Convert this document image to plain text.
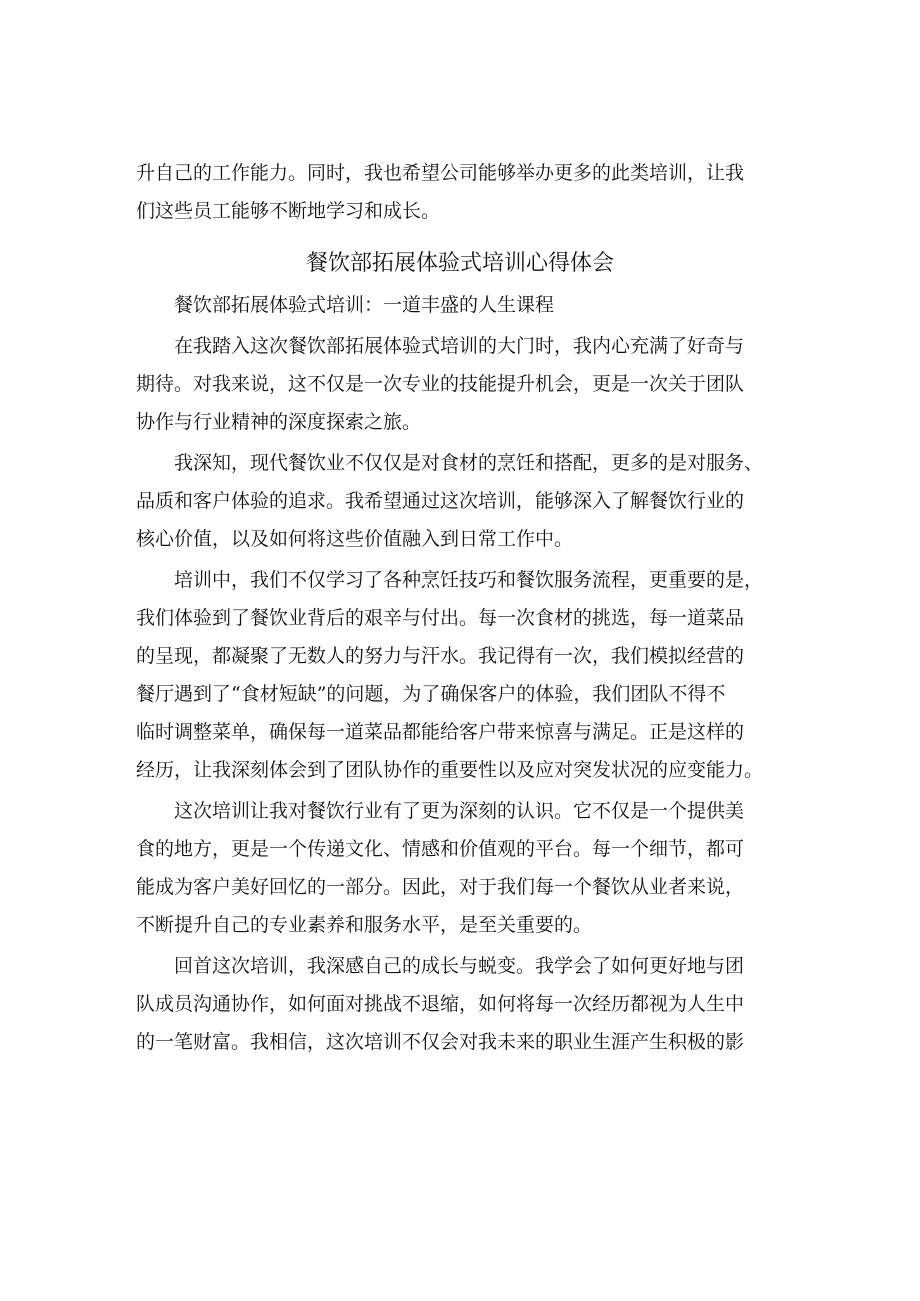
升自己的工作能力。同时，我也希望公司能够举办更多的此类培训，让我
们这些员工能够不断地学习和成长。
餐饮部拓展体验式培训心得体会
餐饮部拓展体验式培训：一道丰盛的人生课程
在我踏入这次餐饮部拓展体验式培训的大门时，我内心充满了好奇与
期待。对我来说，这不仅是一次专业的技能提升机会，更是一次关于团队
协作与行业精神的深度探索之旅。
我深知，现代餐饮业不仅仅是对食材的烹饪和搭配，更多的是对服务、
品质和客户体验的追求。我希望通过这次培训，能够深入了解餐饮行业的
核心价值，以及如何将这些价值融入到日常工作中。
培训中，我们不仅学习了各种烹饪技巧和餐饮服务流程，更重要的是，
我们体验到了餐饮业背后的艰辛与付出。每一次食材的挑选，每一道菜品
的呈现，都凝聚了无数人的努力与汗水。我记得有一次，我们模拟经营的
餐厅遇到了“食材短缺”的问题，为了确保客户的体验，我们团队不得不
临时调整菜单，确保每一道菜品都能给客户带来惊喜与满足。正是这样的
经历，让我深刻体会到了团队协作的重要性以及应对突发状况的应变能力。
这次培训让我对餐饮行业有了更为深刻的认识。它不仅是一个提供美
食的地方，更是一个传递文化、情感和价值观的平台。每一个细节，都可
能成为客户美好回忆的一部分。因此，对于我们每一个餐饮从业者来说，
不断提升自己的专业素养和服务水平，是至关重要的。
回首这次培训，我深感自己的成长与蜕变。我学会了如何更好地与团
队成员沟通协作，如何面对挑战不退缩，如何将每一次经历都视为人生中
的一笔财富。我相信，这次培训不仅会对我未来的职业生涯产生积极的影
